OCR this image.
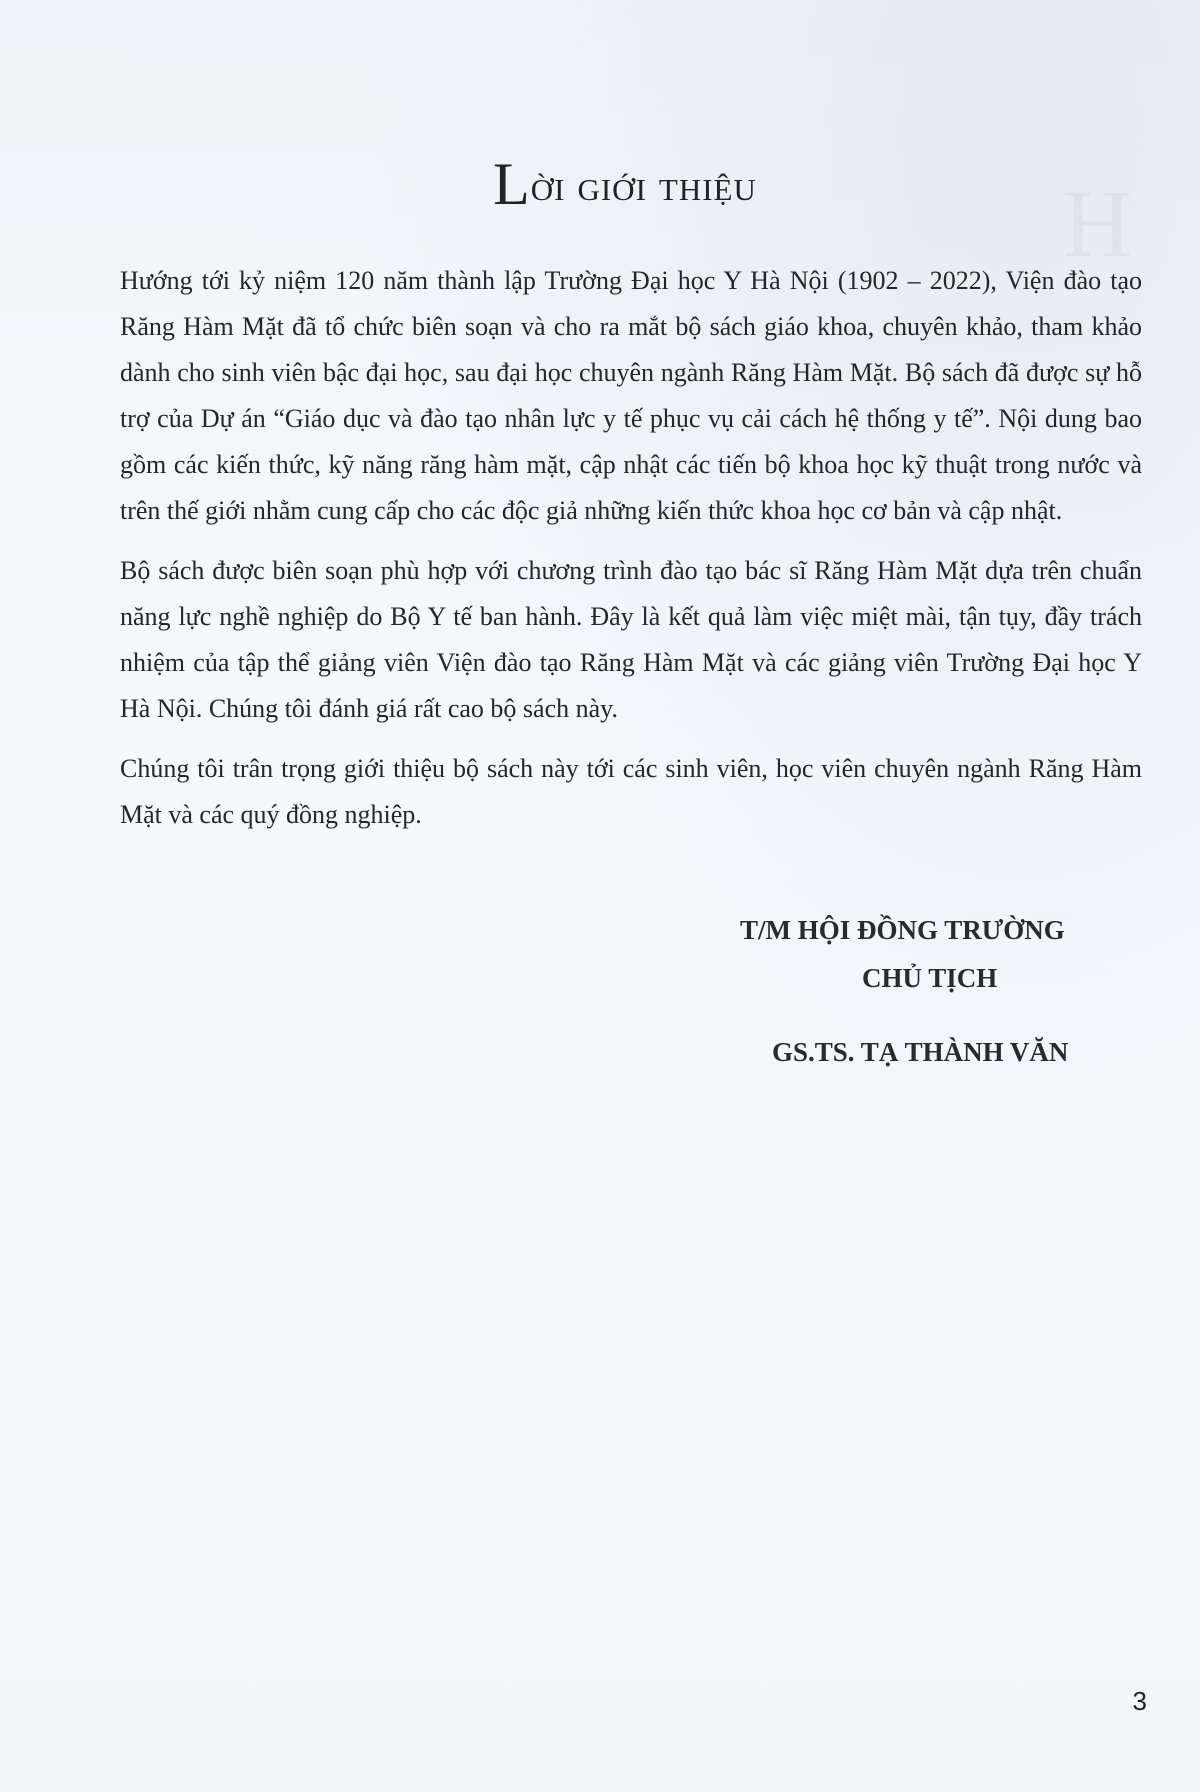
H
Lời giới thiệu

Hướng tới kỷ niệm 120 năm thành lập Trường Đại học Y Hà Nội (1902 – 2022), Viện đào tạo Răng Hàm Mặt đã tổ chức biên soạn và cho ra mắt bộ sách giáo khoa, chuyên khảo, tham khảo dành cho sinh viên bậc đại học, sau đại học chuyên ngành Răng Hàm Mặt. Bộ sách đã được sự hỗ trợ của Dự án “Giáo dục và đào tạo nhân lực y tế phục vụ cải cách hệ thống y tế”. Nội dung bao gồm các kiến thức, kỹ năng răng hàm mặt, cập nhật các tiến bộ khoa học kỹ thuật trong nước và trên thế giới nhằm cung cấp cho các độc giả những kiến thức khoa học cơ bản và cập nhật.

Bộ sách được biên soạn phù hợp với chương trình đào tạo bác sĩ Răng Hàm Mặt dựa trên chuẩn năng lực nghề nghiệp do Bộ Y tế ban hành. Đây là kết quả làm việc miệt mài, tận tụy, đầy trách nhiệm của tập thể giảng viên Viện đào tạo Răng Hàm Mặt và các giảng viên Trường Đại học Y Hà Nội. Chúng tôi đánh giá rất cao bộ sách này.

Chúng tôi trân trọng giới thiệu bộ sách này tới các sinh viên, học viên chuyên ngành Răng Hàm Mặt và các quý đồng nghiệp.

T/M HỘI ĐỒNG TRƯỜNG
CHỦ TỊCH
GS.TS. TẠ THÀNH VĂN
3
